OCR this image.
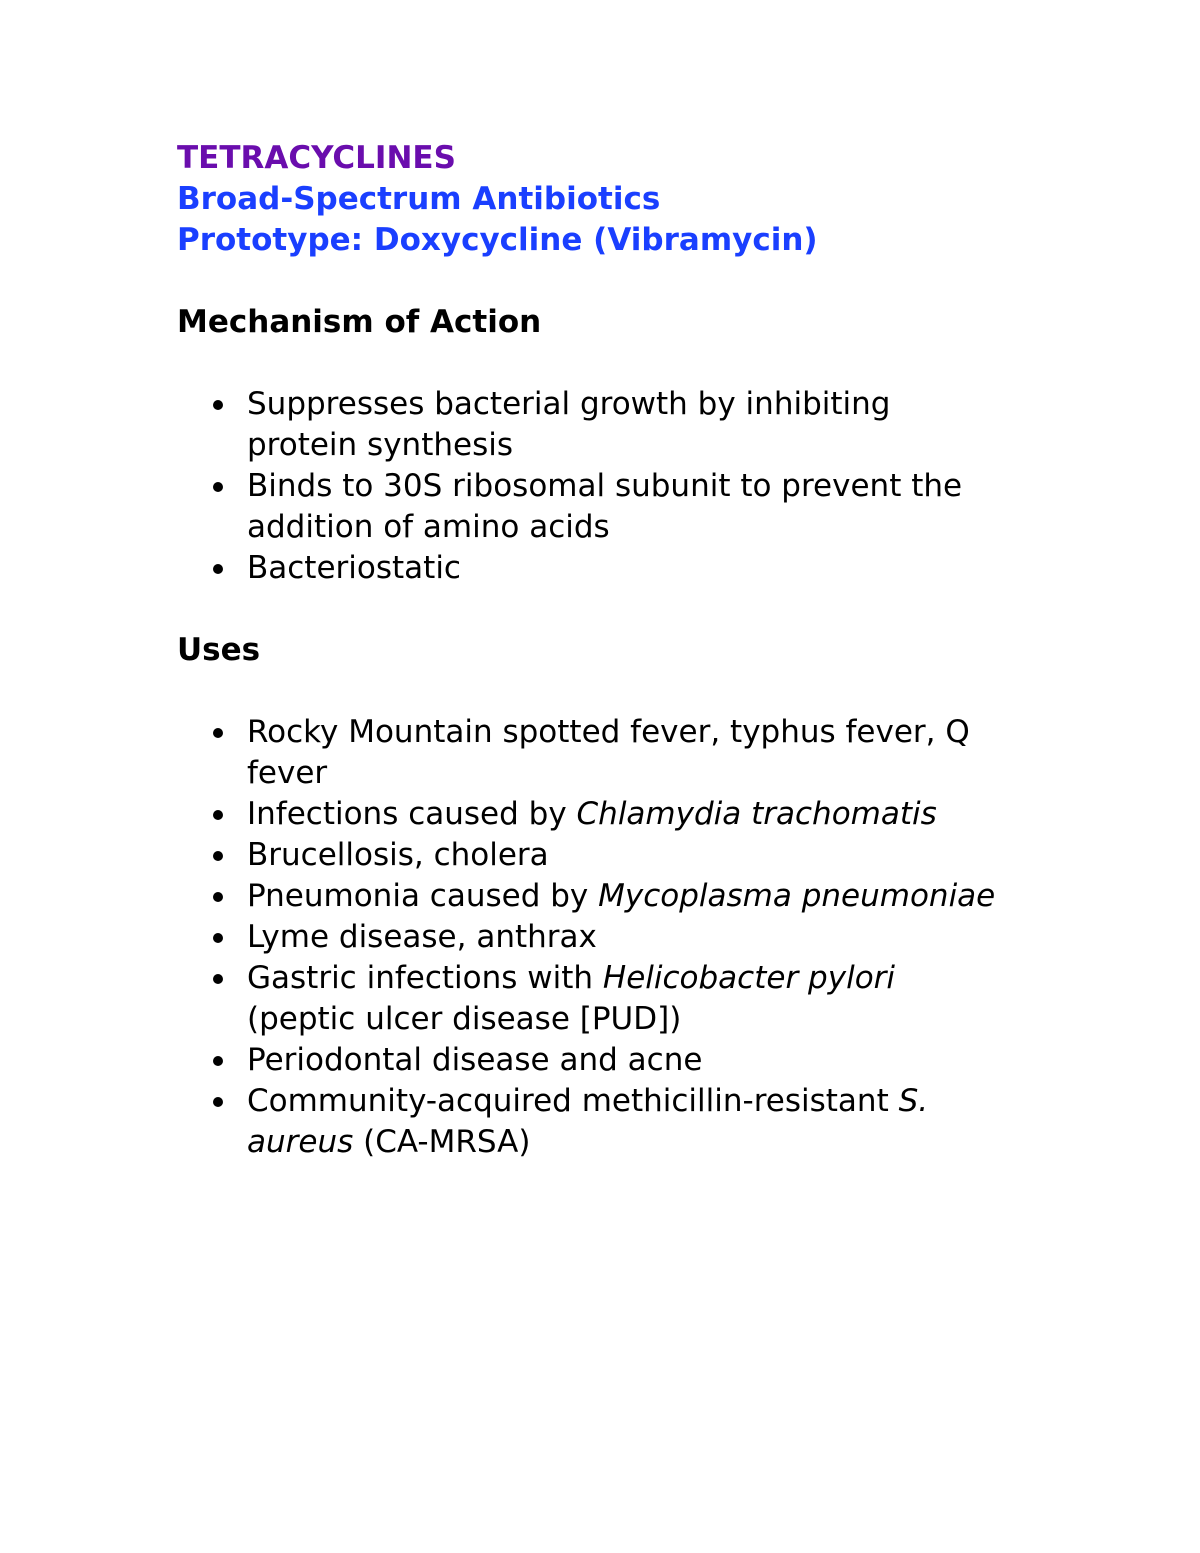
TETRACYCLINES

Broad-Spectrum Antibiotics

Prototype: Doxycycline (Vibramycin)

Mechanism of Action

Suppresses bacterial growth by inhibiting protein synthesis
Binds to 30S ribosomal subunit to prevent the addition of amino acids
Bacteriostatic

Uses

Rocky Mountain spotted fever, typhus fever, Q fever
Infections caused by Chlamydia trachomatis
Brucellosis, cholera
Pneumonia caused by Mycoplasma pneumoniae
Lyme disease, anthrax
Gastric infections with Helicobacter pylori (peptic ulcer disease [PUD])
Periodontal disease and acne
Community-acquired methicillin-resistant S. aureus (CA-MRSA)
